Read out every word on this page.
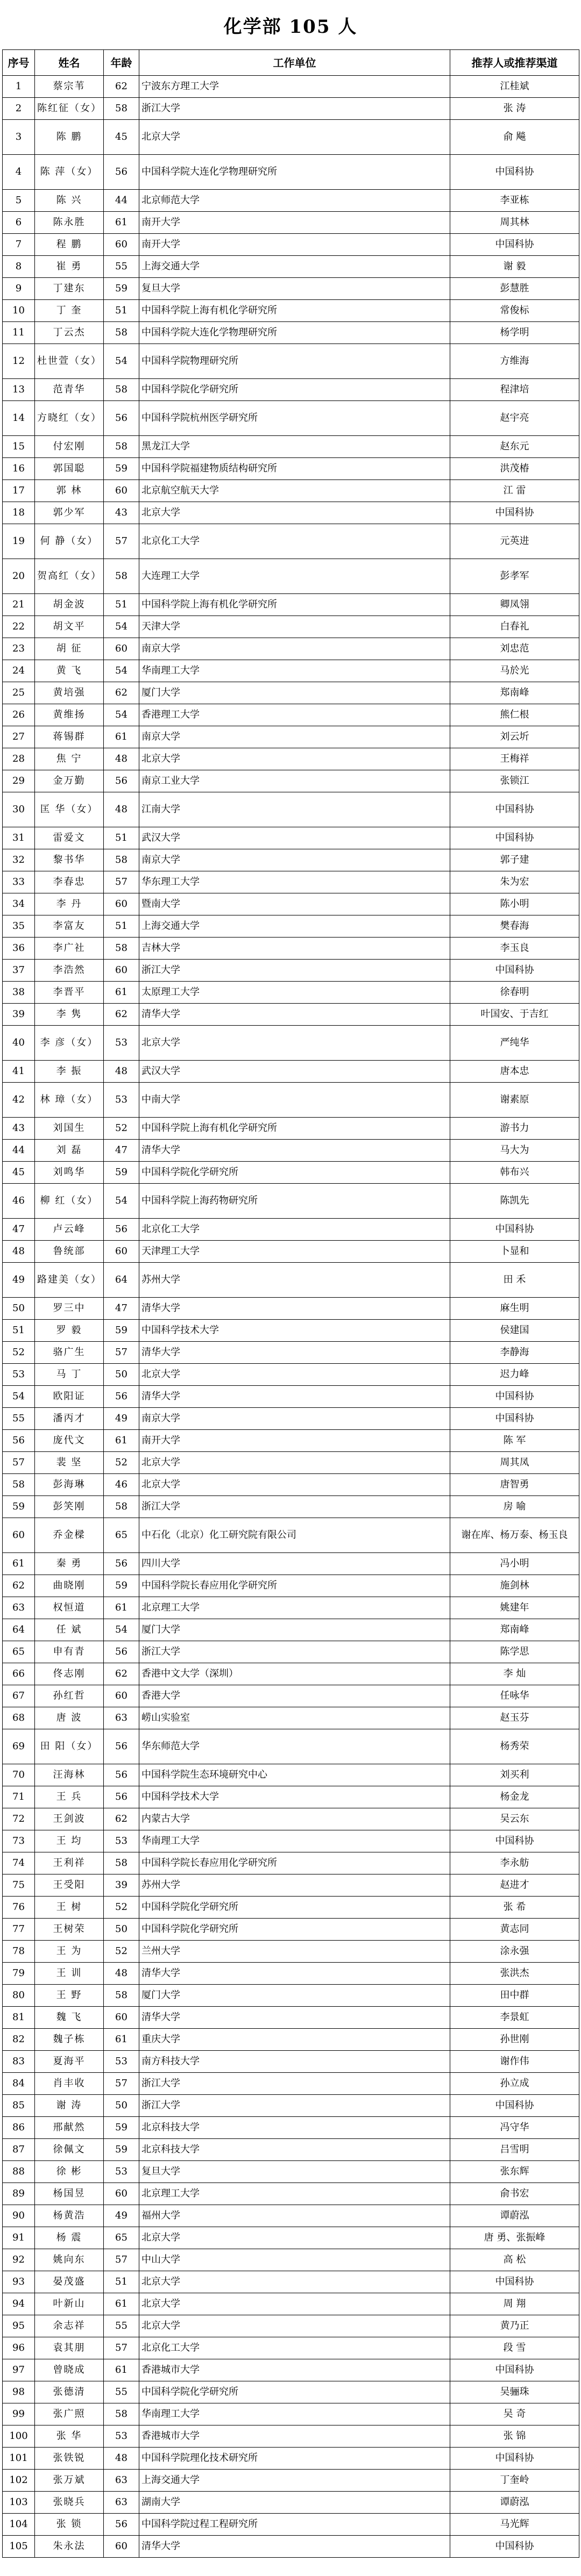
化学部 105 人
序号	姓名	年龄	工作单位	推荐人或推荐渠道
1	蔡宗苇	62	宁波东方理工大学	江桂斌
2	陈红征（女）	58	浙江大学	张 涛
3	陈 鹏	45	北京大学	俞 飚
4	陈 萍（女）	56	中国科学院大连化学物理研究所	中国科协
5	陈 兴	44	北京师范大学	李亚栋
6	陈永胜	61	南开大学	周其林
7	程 鹏	60	南开大学	中国科协
8	崔 勇	55	上海交通大学	谢 毅
9	丁建东	59	复旦大学	彭慧胜
10	丁 奎	51	中国科学院上海有机化学研究所	常俊标
11	丁云杰	58	中国科学院大连化学物理研究所	杨学明
12	杜世萱（女）	54	中国科学院物理研究所	方维海
13	范青华	58	中国科学院化学研究所	程津培
14	方晓红（女）	56	中国科学院杭州医学研究所	赵宇亮
15	付宏刚	58	黑龙江大学	赵东元
16	郭国聪	59	中国科学院福建物质结构研究所	洪茂椿
17	郭 林	60	北京航空航天大学	江 雷
18	郭少军	43	北京大学	中国科协
19	何 静（女）	57	北京化工大学	元英进
20	贺高红（女）	58	大连理工大学	彭孝军
21	胡金波	51	中国科学院上海有机化学研究所	卿凤翎
22	胡文平	54	天津大学	白春礼
23	胡 征	60	南京大学	刘忠范
24	黄 飞	54	华南理工大学	马於光
25	黄培强	62	厦门大学	郑南峰
26	黄维扬	54	香港理工大学	熊仁根
27	蒋锡群	61	南京大学	刘云圻
28	焦 宁	48	北京大学	王梅祥
29	金万勤	56	南京工业大学	张锁江
30	匡 华（女）	48	江南大学	中国科协
31	雷爱文	51	武汉大学	中国科协
32	黎书华	58	南京大学	郭子建
33	李春忠	57	华东理工大学	朱为宏
34	李 丹	60	暨南大学	陈小明
35	李富友	51	上海交通大学	樊春海
36	李广社	58	吉林大学	李玉良
37	李浩然	60	浙江大学	中国科协
38	李晋平	61	太原理工大学	徐春明
39	李 隽	62	清华大学	叶国安、于吉红
40	李 彦（女）	53	北京大学	严纯华
41	李 振	48	武汉大学	唐本忠
42	林 璋（女）	53	中南大学	谢素原
43	刘国生	52	中国科学院上海有机化学研究所	游书力
44	刘 磊	47	清华大学	马大为
45	刘鸣华	59	中国科学院化学研究所	韩布兴
46	柳 红（女）	54	中国科学院上海药物研究所	陈凯先
47	卢云峰	56	北京化工大学	中国科协
48	鲁统部	60	天津理工大学	卜显和
49	路建美（女）	64	苏州大学	田 禾
50	罗三中	47	清华大学	麻生明
51	罗 毅	59	中国科学技术大学	侯建国
52	骆广生	57	清华大学	李静海
53	马 丁	50	北京大学	迟力峰
54	欧阳证	56	清华大学	中国科协
55	潘丙才	49	南京大学	中国科协
56	庞代文	61	南开大学	陈 军
57	裴 坚	52	北京大学	周其凤
58	彭海琳	46	北京大学	唐智勇
59	彭笑刚	58	浙江大学	房 喻
60	乔金樑	65	中石化（北京）化工研究院有限公司	谢在库、杨万泰、杨玉良
61	秦 勇	56	四川大学	冯小明
62	曲晓刚	59	中国科学院长春应用化学研究所	施剑林
63	权恒道	61	北京理工大学	姚建年
64	任 斌	54	厦门大学	郑南峰
65	申有青	56	浙江大学	陈学思
66	佟志刚	62	香港中文大学（深圳）	李 灿
67	孙红哲	60	香港大学	任咏华
68	唐 波	63	崂山实验室	赵玉芬
69	田 阳（女）	56	华东师范大学	杨秀荣
70	汪海林	56	中国科学院生态环境研究中心	刘买利
71	王 兵	56	中国科学技术大学	杨金龙
72	王剑波	62	内蒙古大学	吴云东
73	王 均	53	华南理工大学	中国科协
74	王利祥	58	中国科学院长春应用化学研究所	李永舫
75	王受阳	39	苏州大学	赵进才
76	王 树	52	中国科学院化学研究所	张 希
77	王树荣	50	中国科学院化学研究所	黄志同
78	王 为	52	兰州大学	涂永强
79	王 训	48	清华大学	张洪杰
80	王 野	58	厦门大学	田中群
81	魏 飞	60	清华大学	李景虹
82	魏子栋	61	重庆大学	孙世刚
83	夏海平	53	南方科技大学	谢作伟
84	肖丰收	57	浙江大学	孙立成
85	谢 涛	50	浙江大学	中国科协
86	邢献然	59	北京科技大学	冯守华
87	徐佩文	59	北京科技大学	吕雪明
88	徐 彬	53	复旦大学	张东辉
89	杨国昱	60	北京理工大学	俞书宏
90	杨黄浩	49	福州大学	谭蔚泓
91	杨 震	65	北京大学	唐 勇、张振峰
92	姚向东	57	中山大学	高 松
93	晏茂盛	51	北京大学	中国科协
94	叶新山	61	北京大学	周 翔
95	余志祥	55	北京大学	黄乃正
96	袁其朋	57	北京化工大学	段 雪
97	曾晓成	61	香港城市大学	中国科协
98	张德清	55	中国科学院化学研究所	吴骊珠
99	张广照	58	华南理工大学	吴 奇
100	张 华	53	香港城市大学	张 锦
101	张铁锐	48	中国科学院理化技术研究所	中国科协
102	张万斌	63	上海交通大学	丁奎岭
103	张晓兵	63	湖南大学	谭蔚泓
104	张 锁	56	中国科学院过程工程研究所	马光辉
105	朱永法	60	清华大学	中国科协
